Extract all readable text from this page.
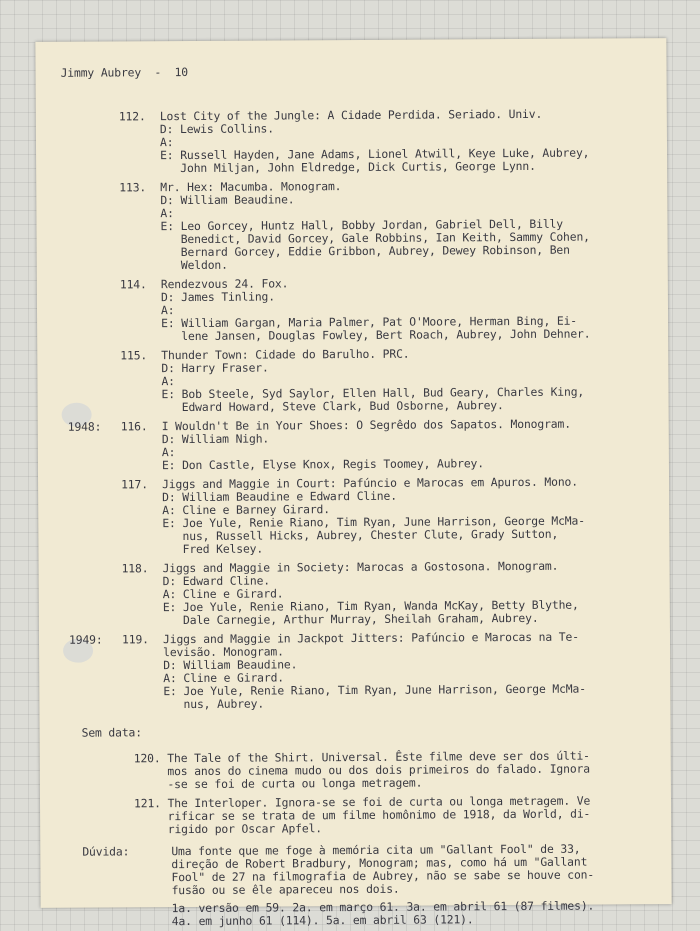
Jimmy Aubrey  -  10
112. Lost City of the Jungle: A Cidade Perdida. Seriado. Univ.
D: Lewis Collins.
A:
E: Russell Hayden, Jane Adams, Lionel Atwill, Keye Luke, Aubrey,
John Miljan, John Eldredge, Dick Curtis, George Lynn.
113. Mr. Hex: Macumba. Monogram.
D: William Beaudine.
A:
E: Leo Gorcey, Huntz Hall, Bobby Jordan, Gabriel Dell, Billy
Benedict, David Gorcey, Gale Robbins, Ian Keith, Sammy Cohen,
Bernard Gorcey, Eddie Gribbon, Aubrey, Dewey Robinson, Ben
Weldon.
114. Rendezvous 24. Fox.
D: James Tinling.
A:
E: William Gargan, Maria Palmer, Pat O'Moore, Herman Bing, Ei-
lene Jansen, Douglas Fowley, Bert Roach, Aubrey, John Dehner.
115. Thunder Town: Cidade do Barulho. PRC.
D: Harry Fraser.
A:
E: Bob Steele, Syd Saylor, Ellen Hall, Bud Geary, Charles King,
Edward Howard, Steve Clark, Bud Osborne, Aubrey.
1948: 116. I Wouldn't Be in Your Shoes: O Segrêdo dos Sapatos. Monogram.
D: William Nigh.
A:
E: Don Castle, Elyse Knox, Regis Toomey, Aubrey.
117. Jiggs and Maggie in Court: Pafúncio e Marocas em Apuros. Mono.
D: William Beaudine e Edward Cline.
A: Cline e Barney Girard.
E: Joe Yule, Renie Riano, Tim Ryan, June Harrison, George McMa-
nus, Russell Hicks, Aubrey, Chester Clute, Grady Sutton,
Fred Kelsey.
118. Jiggs and Maggie in Society: Marocas a Gostosona. Monogram.
D: Edward Cline.
A: Cline e Girard.
E: Joe Yule, Renie Riano, Tim Ryan, Wanda McKay, Betty Blythe,
Dale Carnegie, Arthur Murray, Sheilah Graham, Aubrey.
1949: 119. Jiggs and Maggie in Jackpot Jitters: Pafúncio e Marocas na Te-
levisão. Monogram.
D: William Beaudine.
A: Cline e Girard.
E: Joe Yule, Renie Riano, Tim Ryan, June Harrison, George McMa-
nus, Aubrey.
Sem data:
120. The Tale of the Shirt. Universal. Êste filme deve ser dos últi-
mos anos do cinema mudo ou dos dois primeiros do falado. Ignora
-se se foi de curta ou longa metragem.
121. The Interloper. Ignora-se se foi de curta ou longa metragem. Ve
rificar se se trata de um filme homônimo de 1918, da World, di-
rigido por Oscar Apfel.
Dúvida:	Uma fonte que me foge à memória cita um "Gallant Fool" de 33,
direção de Robert Bradbury, Monogram; mas, como há um "Gallant
Fool" de 27 na filmografia de Aubrey, não se sabe se houve con-
fusão ou se êle apareceu nos dois.
1a. versão em 59. 2a. em março 61. 3a. em abril 61 (87 filmes).
4a. em junho 61 (114). 5a. em abril 63 (121).
